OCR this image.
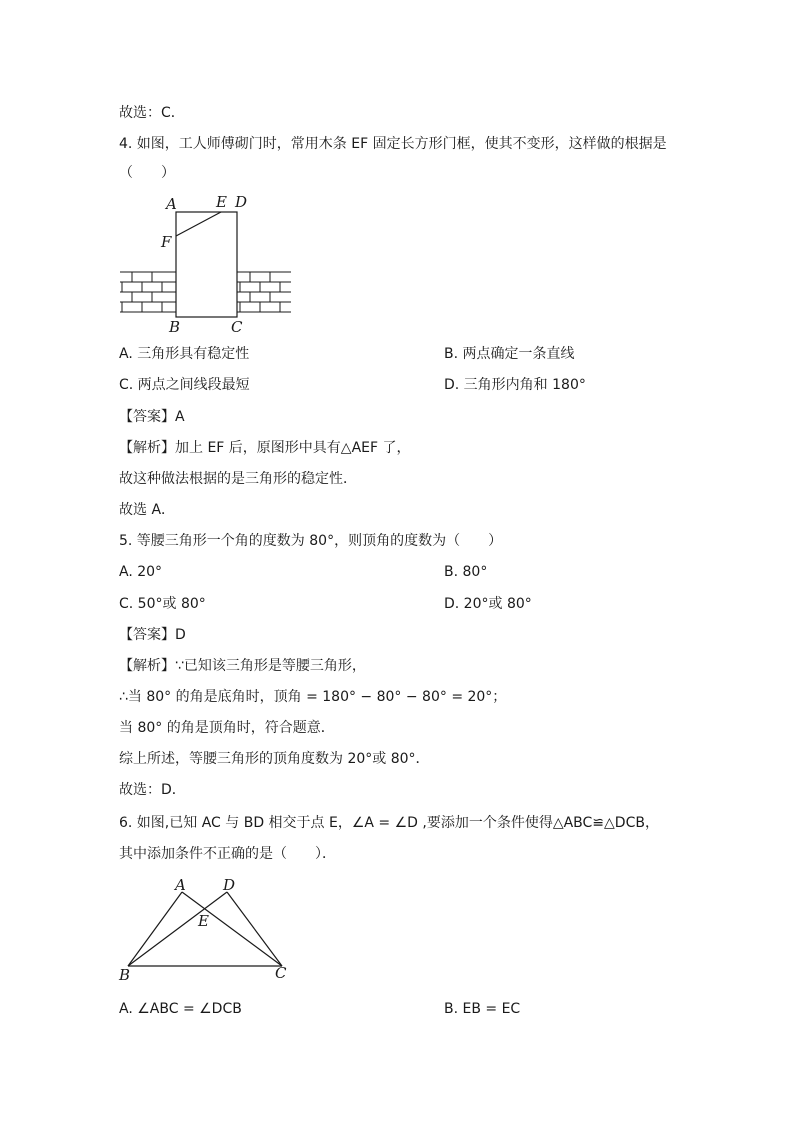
故选：C．
4. 如图，工人师傅砌门时，常用木条 EF 固定长方形门框，使其不变形，这样做的根据是
（　　）
A	E D
F
B	C
A. 三角形具有稳定性	B. 两点确定一条直线
C. 两点之间线段最短	D. 三角形内角和 180°
【答案】A
【解析】加上 EF 后，原图形中具有△AEF 了，
故这种做法根据的是三角形的稳定性．
故选 A．
5. 等腰三角形一个角的度数为 80°，则顶角的度数为（　　）
A. 20°	B. 80°
C. 50°或 80°	D. 20°或 80°
【答案】D
【解析】∵已知该三角形是等腰三角形，
∴当 80° 的角是底角时，顶角 = 180° − 80° − 80° = 20°；
当 80° 的角是顶角时，符合题意．
综上所述，等腰三角形的顶角度数为 20°或 80°．
故选：D．
6. 如图,已知 AC 与 BD 相交于点 E，∠A = ∠D ,要添加一个条件使得△ABC≌△DCB，
其中添加条件不正确的是（　　）．
A D
E
B	C
A. ∠ABC = ∠DCB	B. EB = EC
